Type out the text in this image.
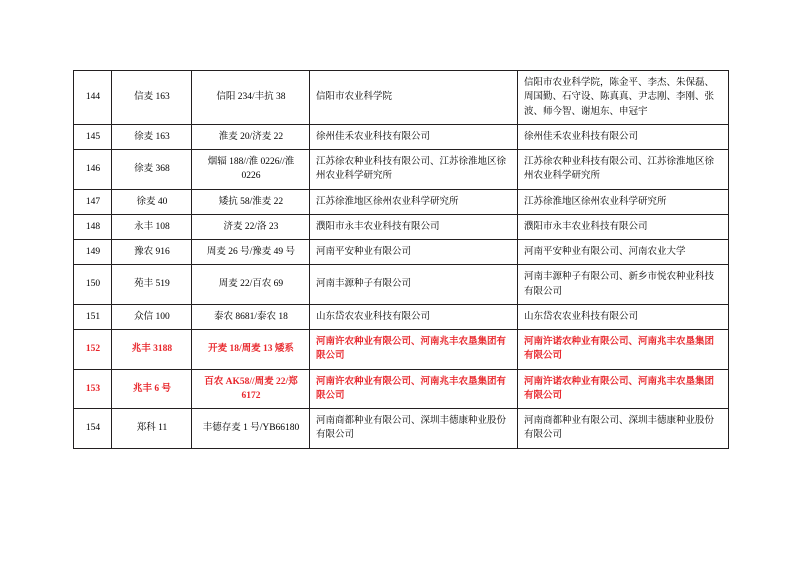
144	信麦 163	信阳 234/丰抗 38	信阳市农业科学院	信阳市农业科学院，陈金平、李杰、朱保磊、周国勤、石守设、陈真真、尹志刚、李刚、张波、师今智、谢旭东、申冠宇
145	徐麦 163	淮麦 20/济麦 22	徐州佳禾农业科技有限公司	徐州佳禾农业科技有限公司
146	徐麦 368	烟辐 188//淮 0226//淮 0226	江苏徐农种业科技有限公司、江苏徐淮地区徐州农业科学研究所	江苏徐农种业科技有限公司、江苏徐淮地区徐州农业科学研究所
147	徐麦 40	矮抗 58/淮麦 22	江苏徐淮地区徐州农业科学研究所	江苏徐淮地区徐州农业科学研究所
148	永丰 108	济麦 22/洛 23	濮阳市永丰农业科技有限公司	濮阳市永丰农业科技有限公司
149	豫农 916	周麦 26 号/豫麦 49 号	河南平安种业有限公司	河南平安种业有限公司、河南农业大学
150	苑丰 519	周麦 22/百农 69	河南丰源种子有限公司	河南丰源种子有限公司、新乡市悦农种业科技有限公司
151	众信 100	泰农 8681/泰农 18	山东岱农农业科技有限公司	山东岱农农业科技有限公司
152	兆丰 3188	开麦 18/周麦 13 矮系	河南许农种业有限公司、河南兆丰农垦集团有限公司	河南许诺农种业有限公司、河南兆丰农垦集团有限公司
153	兆丰 6 号	百农 AK58//周麦 22/郑 6172	河南许农种业有限公司、河南兆丰农垦集团有限公司	河南许诺农种业有限公司、河南兆丰农垦集团有限公司
154	郑科 11	丰德存麦 1 号/YB66180	河南商都种业有限公司、深圳丰德康种业股份有限公司	河南商都种业有限公司、深圳丰德康种业股份有限公司
